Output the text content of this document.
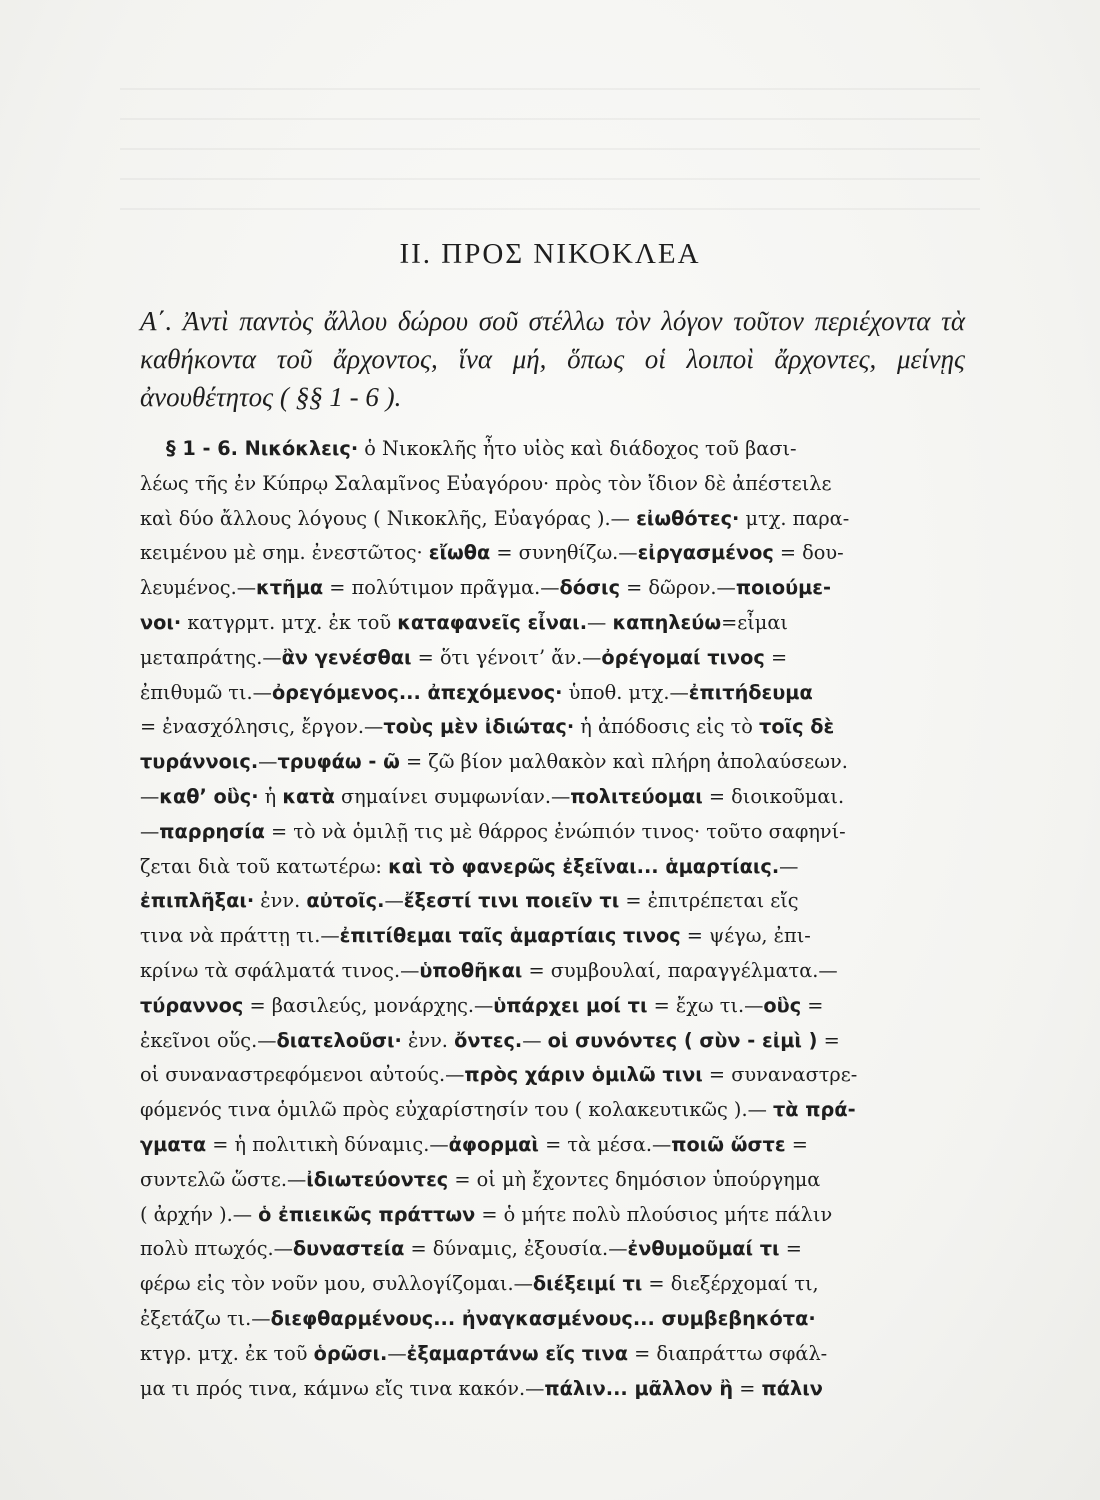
ΙΙ. ΠΡΟΣ ΝΙΚΟΚΛΕΑ
Α΄. Ἀντὶ παντὸς ἄλλου δώρου σοῦ στέλλω τὸν λόγον τοῦτον περιέχοντα τὰ καθήκοντα τοῦ ἄρχοντος, ἵνα μή, ὅπως οἱ λοιποὶ ἄρχοντες, μείνῃς ἀνουθέτητος ( §§ 1 - 6 ).
§ 1 - 6. Νικόκλεις· ὁ Νικοκλῆς ἦτο υἱὸς καὶ διάδοχος τοῦ βασι-
λέως τῆς ἐν Κύπρῳ Σαλαμῖνος Εὐαγόρου· πρὸς τὸν ἴδιον δὲ ἀπέστειλε
καὶ δύο ἄλλους λόγους ( Νικοκλῆς, Εὐαγόρας ).— εἰωθότες· μτχ. παρα-
κειμένου μὲ σημ. ἐνεστῶτος· εἴωθα = συνηθίζω.—εἰργασμένος = δου-
λευμένος.—κτῆμα = πολύτιμον πρᾶγμα.—δόσις = δῶρον.—ποιούμε-
νοι· κατγρμτ. μτχ. ἐκ τοῦ καταφανεῖς εἶναι.— καπηλεύω=εἶμαι
μεταπράτης.—ἂν γενέσθαι = ὅτι γένοιτ’ ἄν.—ὀρέγομαί τινος =
ἐπιθυμῶ τι.—ὀρεγόμενος... ἀπεχόμενος· ὑποθ. μτχ.—ἐπιτήδευμα
= ἐνασχόλησις, ἔργον.—τοὺς μὲν ἰδιώτας· ἡ ἀπόδοσις εἰς τὸ τοῖς δὲ
τυράννοις.—τρυφάω - ῶ = ζῶ βίον μαλθακὸν καὶ πλήρη ἀπολαύσεων.
—καθ’ οὓς· ἡ κατὰ σημαίνει συμφωνίαν.—πολιτεύομαι = διοικοῦμαι.
—παρρησία = τὸ νὰ ὁμιλῇ τις μὲ θάρρος ἐνώπιόν τινος· τοῦτο σαφηνί-
ζεται διὰ τοῦ κατωτέρω: καὶ τὸ φανερῶς ἐξεῖναι... ἁμαρτίαις.—
ἐπιπλῆξαι· ἐνν. αὐτοῖς.—ἔξεστί τινι ποιεῖν τι = ἐπιτρέπεται εἴς
τινα νὰ πράττῃ τι.—ἐπιτίθεμαι ταῖς ἁμαρτίαις τινος = ψέγω, ἐπι-
κρίνω τὰ σφάλματά τινος.—ὑποθῆκαι = συμβουλαί, παραγγέλματα.—
τύραννος = βασιλεύς, μονάρχης.—ὑπάρχει μοί τι = ἔχω τι.—οὓς =
ἐκεῖνοι οὕς.—διατελοῦσι· ἐνν. ὄντες.— οἱ συνόντες ( σὺν - εἰμὶ ) =
οἱ συναναστρεφόμενοι αὐτούς.—πρὸς χάριν ὁμιλῶ τινι = συναναστρε-
φόμενός τινα ὁμιλῶ πρὸς εὐχαρίστησίν του ( κολακευτικῶς ).— τὰ πρά-
γματα = ἡ πολιτικὴ δύναμις.—ἀφορμαὶ = τὰ μέσα.—ποιῶ ὥστε =
συντελῶ ὥστε.—ἰδιωτεύοντες = οἱ μὴ ἔχοντες δημόσιον ὑπούργημα
( ἀρχήν ).— ὁ ἐπιεικῶς πράττων = ὁ μήτε πολὺ πλούσιος μήτε πάλιν
πολὺ πτωχός.—δυναστεία = δύναμις, ἐξουσία.—ἐνθυμοῦμαί τι =
φέρω εἰς τὸν νοῦν μου, συλλογίζομαι.—διέξειμί τι = διεξέρχομαί τι,
ἐξετάζω τι.—διεφθαρμένους... ἠναγκασμένους... συμβεβηκότα·
κτγρ. μτχ. ἐκ τοῦ ὁρῶσι.—ἐξαμαρτάνω εἴς τινα = διαπράττω σφάλ-
μα τι πρός τινα, κάμνω εἴς τινα κακόν.—πάλιν... μᾶλλον ἢ = πάλιν
